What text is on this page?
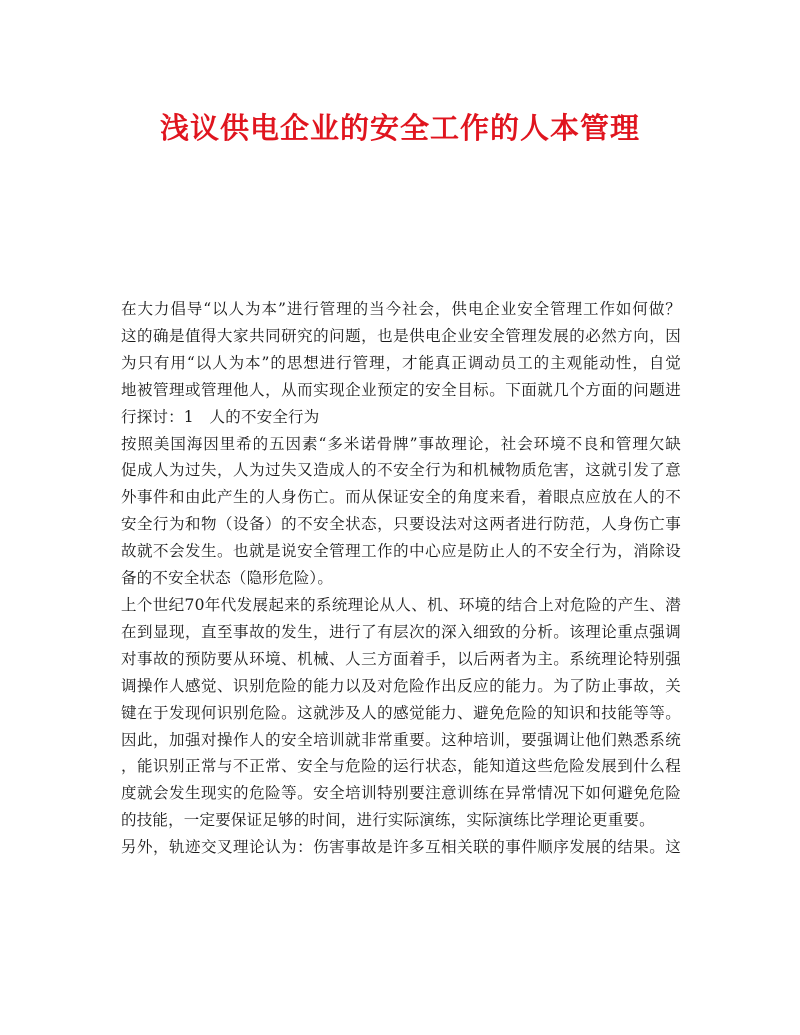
浅议供电企业的安全工作的人本管理
在大力倡导“以人为本”进行管理的当今社会，供电企业安全管理工作如何做？
这的确是值得大家共同研究的问题，也是供电企业安全管理发展的必然方向，因
为只有用“以人为本”的思想进行管理，才能真正调动员工的主观能动性，自觉
地被管理或管理他人，从而实现企业预定的安全目标。下面就几个方面的问题进
行探讨：1　人的不安全行为
按照美国海因里希的五因素“多米诺骨牌”事故理论，社会环境不良和管理欠缺
促成人为过失，人为过失又造成人的不安全行为和机械物质危害，这就引发了意
外事件和由此产生的人身伤亡。而从保证安全的角度来看，着眼点应放在人的不
安全行为和物（设备）的不安全状态，只要设法对这两者进行防范，人身伤亡事
故就不会发生。也就是说安全管理工作的中心应是防止人的不安全行为，消除设
备的不安全状态（隐形危险）。
上个世纪70年代发展起来的系统理论从人、机、环境的结合上对危险的产生、潜
在到显现，直至事故的发生，进行了有层次的深入细致的分析。该理论重点强调
对事故的预防要从环境、机械、人三方面着手，以后两者为主。系统理论特别强
调操作人感觉、识别危险的能力以及对危险作出反应的能力。为了防止事故，关
键在于发现何识别危险。这就涉及人的感觉能力、避免危险的知识和技能等等。
因此，加强对操作人的安全培训就非常重要。这种培训，要强调让他们熟悉系统
，能识别正常与不正常、安全与危险的运行状态，能知道这些危险发展到什么程
度就会发生现实的危险等。安全培训特别要注意训练在异常情况下如何避免危险
的技能，一定要保证足够的时间，进行实际演练，实际演练比学理论更重要。
另外，轨迹交叉理论认为：伤害事故是许多互相关联的事件顺序发展的结果。这
